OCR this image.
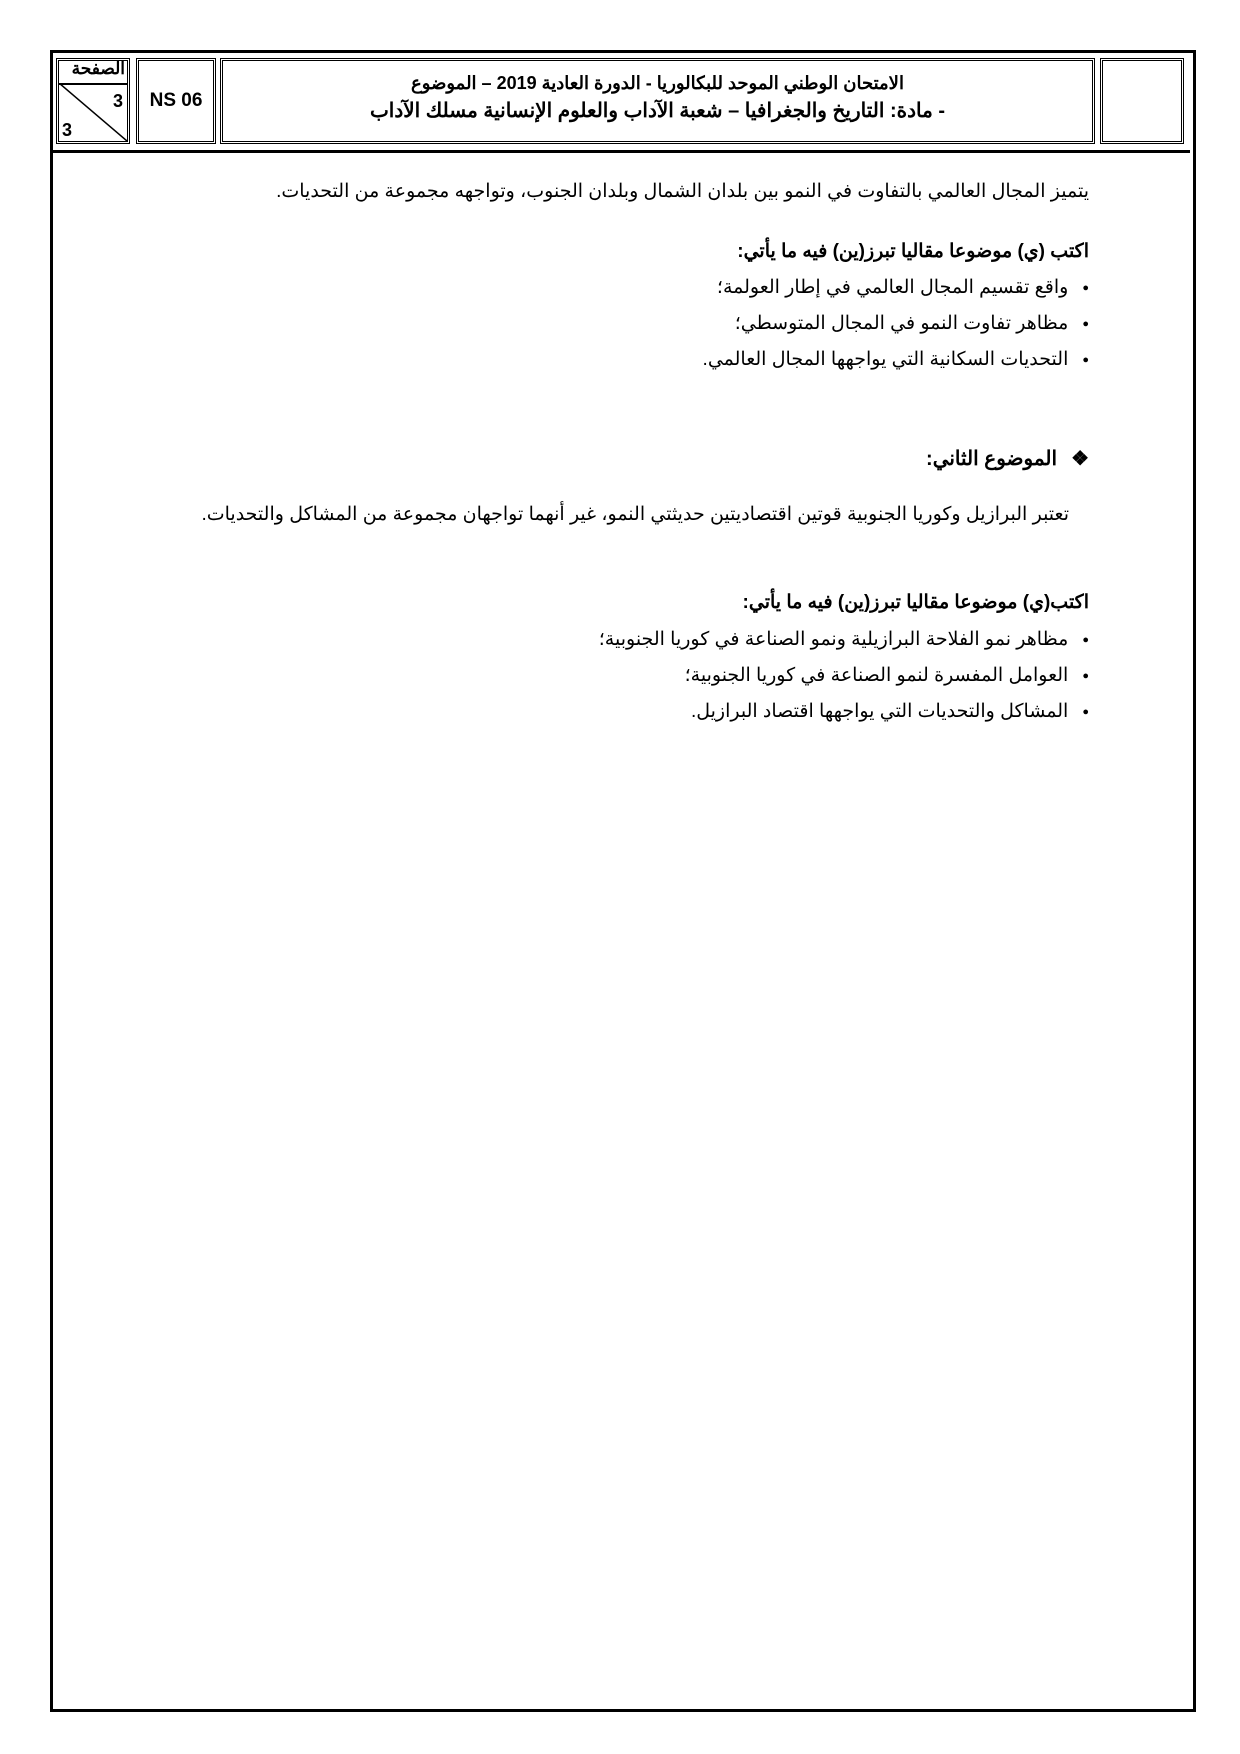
الصفحة
3
3
NS 06
الامتحان الوطني الموحد للبكالوريا - الدورة العادية 2019 – الموضوع
- مادة: التاريخ والجغرافيا – شعبة الآداب والعلوم الإنسانية مسلك الآداب
يتميز المجال العالمي بالتفاوت في النمو بين بلدان الشمال وبلدان الجنوب، وتواجهه مجموعة من التحديات.
اكتب (ي) موضوعا مقاليا تبرز(ين) فيه ما يأتي:
● واقع تقسيم المجال العالمي في إطار العولمة؛
● مظاهر تفاوت النمو في المجال المتوسطي؛
● التحديات السكانية التي يواجهها المجال العالمي.
❖الموضوع الثاني:
تعتبر البرازيل وكوريا الجنوبية قوتين اقتصاديتين حديثتي النمو، غير أنهما تواجهان مجموعة من المشاكل والتحديات.
اكتب(ي) موضوعا مقاليا تبرز(ين) فيه ما يأتي:
● مظاهر نمو الفلاحة البرازيلية ونمو الصناعة في كوريا الجنوبية؛
● العوامل المفسرة لنمو الصناعة في كوريا الجنوبية؛
● المشاكل والتحديات التي يواجهها اقتصاد البرازيل.
